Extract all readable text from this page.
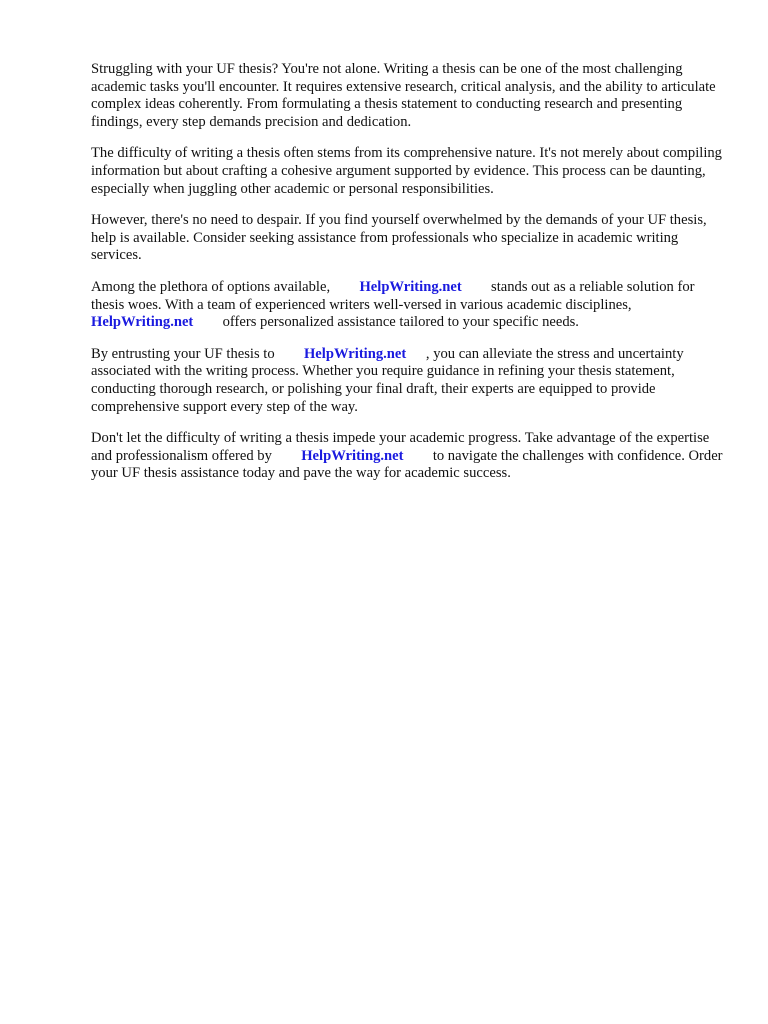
Struggling with your UF thesis? You're not alone. Writing a thesis can be one of the most challenging academic tasks you'll encounter. It requires extensive research, critical analysis, and the ability to articulate complex ideas coherently. From formulating a thesis statement to conducting research and presenting findings, every step demands precision and dedication.

The difficulty of writing a thesis often stems from its comprehensive nature. It's not merely about compiling information but about crafting a cohesive argument supported by evidence. This process can be daunting, especially when juggling other academic or personal responsibilities.

However, there's no need to despair. If you find yourself overwhelmed by the demands of your UF thesis, help is available. Consider seeking assistance from professionals who specialize in academic writing services.

Among the plethora of options available, HelpWriting.net stands out as a reliable solution for thesis woes. With a team of experienced writers well-versed in various academic disciplines, HelpWriting.net offers personalized assistance tailored to your specific needs.

By entrusting your UF thesis to HelpWriting.net , you can alleviate the stress and uncertainty associated with the writing process. Whether you require guidance in refining your thesis statement, conducting thorough research, or polishing your final draft, their experts are equipped to provide comprehensive support every step of the way.

Don't let the difficulty of writing a thesis impede your academic progress. Take advantage of the expertise and professionalism offered by HelpWriting.net to navigate the challenges with confidence. Order your UF thesis assistance today and pave the way for academic success.
